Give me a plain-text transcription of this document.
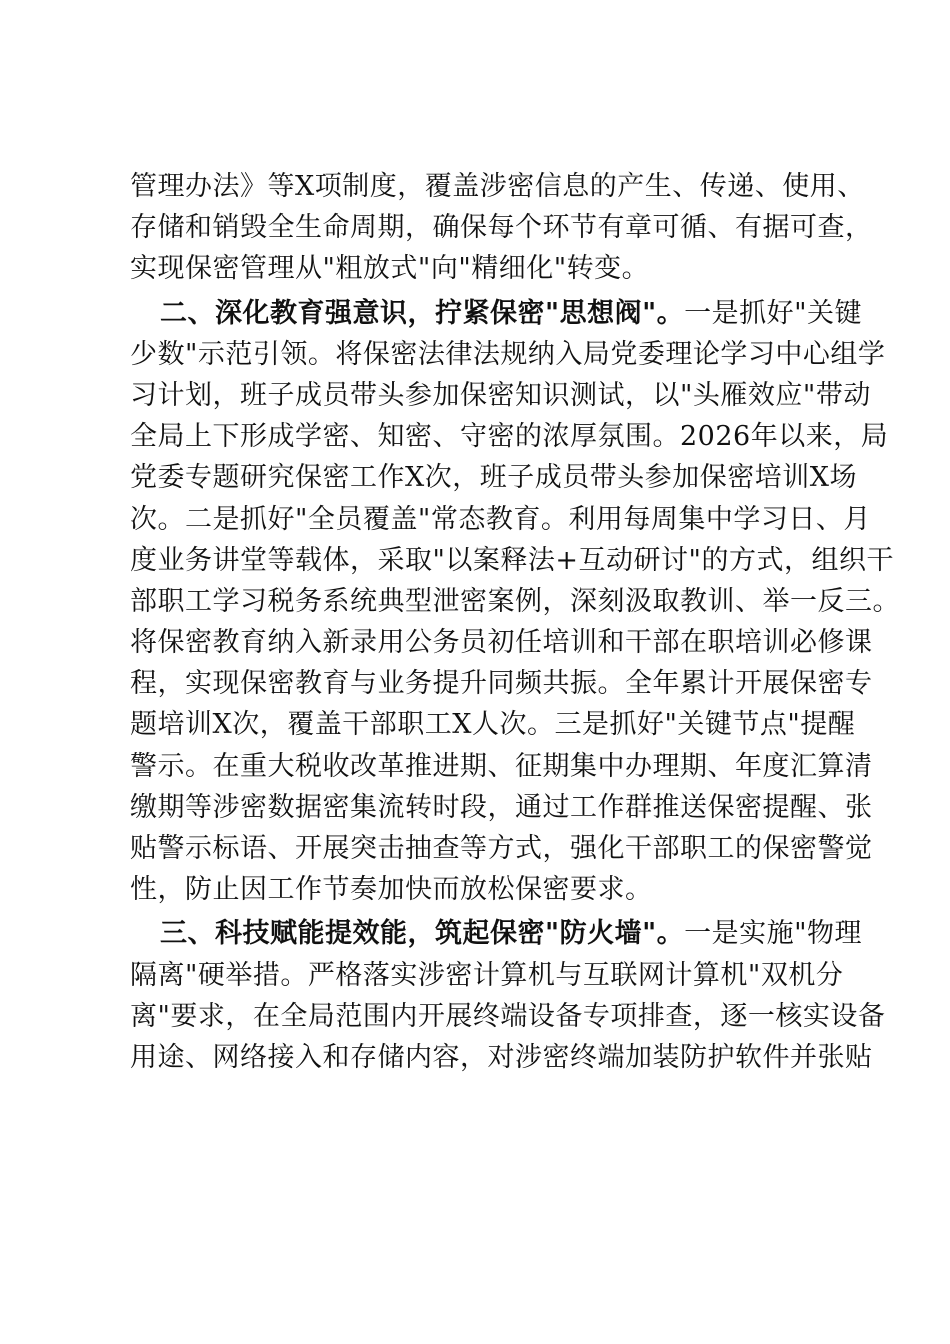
管理办法》等X项制度，覆盖涉密信息的产生、传递、使用、
存储和销毁全生命周期，确保每个环节有章可循、有据可查，
实现保密管理从"粗放式"向"精细化"转变。
二、深化教育强意识，拧紧保密"思想阀"。一是抓好"关键
少数"示范引领。将保密法律法规纳入局党委理论学习中心组学
习计划，班子成员带头参加保密知识测试，以"头雁效应"带动
全局上下形成学密、知密、守密的浓厚氛围。2026年以来，局
党委专题研究保密工作X次，班子成员带头参加保密培训X场
次。二是抓好"全员覆盖"常态教育。利用每周集中学习日、月
度业务讲堂等载体，采取"以案释法+互动研讨"的方式，组织干
部职工学习税务系统典型泄密案例，深刻汲取教训、举一反三。
将保密教育纳入新录用公务员初任培训和干部在职培训必修课
程，实现保密教育与业务提升同频共振。全年累计开展保密专
题培训X次，覆盖干部职工X人次。三是抓好"关键节点"提醒
警示。在重大税收改革推进期、征期集中办理期、年度汇算清
缴期等涉密数据密集流转时段，通过工作群推送保密提醒、张
贴警示标语、开展突击抽查等方式，强化干部职工的保密警觉
性，防止因工作节奏加快而放松保密要求。
三、科技赋能提效能，筑起保密"防火墙"。一是实施"物理
隔离"硬举措。严格落实涉密计算机与互联网计算机"双机分
离"要求，在全局范围内开展终端设备专项排查，逐一核实设备
用途、网络接入和存储内容，对涉密终端加装防护软件并张贴
